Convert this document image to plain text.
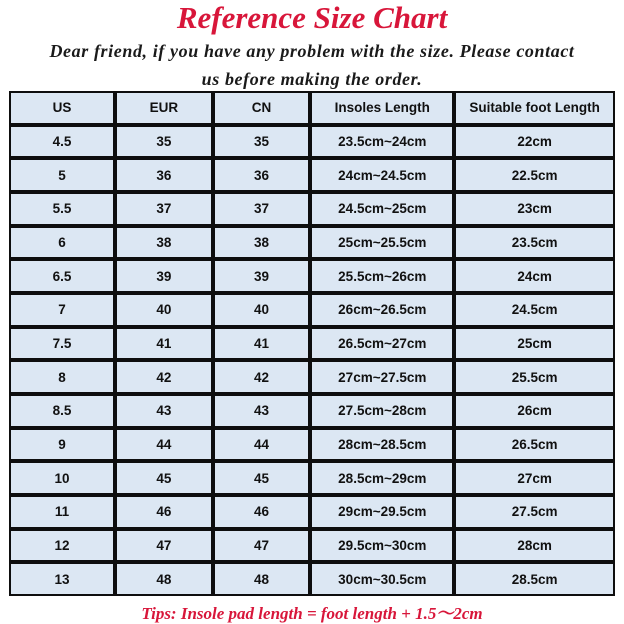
Reference Size Chart
Dear friend, if you have any problem with the size. Please contact
us before making the order.
US	EUR	CN	Insoles Length	Suitable foot Length
4.5	35	35	23.5cm~24cm	22cm
5	36	36	24cm~24.5cm	22.5cm
5.5	37	37	24.5cm~25cm	23cm
6	38	38	25cm~25.5cm	23.5cm
6.5	39	39	25.5cm~26cm	24cm
7	40	40	26cm~26.5cm	24.5cm
7.5	41	41	26.5cm~27cm	25cm
8	42	42	27cm~27.5cm	25.5cm
8.5	43	43	27.5cm~28cm	26cm
9	44	44	28cm~28.5cm	26.5cm
10	45	45	28.5cm~29cm	27cm
11	46	46	29cm~29.5cm	27.5cm
12	47	47	29.5cm~30cm	28cm
13	48	48	30cm~30.5cm	28.5cm
Tips: Insole pad length = foot length + 1.5〜2cm
